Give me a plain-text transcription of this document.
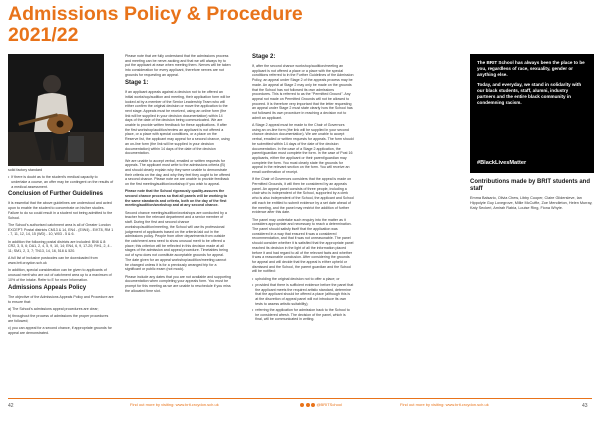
Admissions Policy & Procedure 2021/22

solid factory standard

• If there is doubt as to the student's medical capacity to undertake a course, an offer may be contingent on the results of a medical assessment.
Conclusion of Further Guidelines

It is essential that the above guidelines are understood and acted upon to enable the student to concentrate on his/her studies. Failure to do so could result in a student not being admitted to the School.

The School's authorised catchment area is all of Greater London EXCEPT: Postal districts CM13 & 14, EN4 - (E/W4) - E/KT8, RM 1 - 7, 11, 12, 14, 15 (WD) - 10, W03 - 5 & 6.

In addition the following postal districts are included: BN6 & 8: CR2, 3, 5, 6; DA1, 2, 4, 5, 9, 10, 14; EN4, 6, 9, 17-20; RH1, 2, 4 - 11; SM1, 2, 3, 7; TN13, 14, 16, 518 & 520.

A full list of inclusive postcodes can be downloaded from www.brit.croydon.sch.uk

In addition, special consideration can be given to applicants of unusual merit who are out of catchment area up to a maximum of 10% of the intake. Refer to E for more information.

Admissions Appeals Policy

The objective of the Admissions Appeals Policy and Procedure are to ensure that:

a) The School's admissions appeal procedures are clear;

b) throughout the process of admissions the proper procedures are followed;

c) you can appeal for a second chance, if appropriate grounds for appeal are demonstrated.

Please note that we fully understand that the admissions process and meeting can be nerve-racking and that we will always try to put the applicant at ease when meeting them. Nerves will be taken into consideration for every applicant, therefore nerves are not grounds for requesting an appeal.

Stage 1:

If an applicant appeals against a decision not to be offered an initial workshop/audition and meeting, their application form will be looked at by a member of the Senior Leadership Team who will either confirm the original decision or move the application to the next stage. Appeals must be received, using an online form (the link will be supplied in your decision documentation) within 14 days of the date of the decision being communicated. We are unable to provide written feedback for these applications. If after the first workshop/audition/review an applicant is not offered a place, or a place with special conditions, or a place on the Reserve list, the applicant may appeal for a second chance, using an on-line form (the link will be supplied in your decision documentation) within 14 days of the date of the decision documentation.

We are unable to accept verbal, emailed or written requests for appeals. The applicant must write to the admissions criteria (B) and should clearly explain why they were unable to demonstrate their criteria on the day, and why they feel they ought to be offered a second chance. Please note we are unable to provide feedback on the first meeting/audition/workshop if you wish to appeal.

Please note that the School rigorously quality-assures the second chance process so that all panels will be working to the same standards and criteria, both on the day of the first meeting/audition/workshop and at any second chance.

Second chance meeting/audition/workshops are conducted by a teacher from the relevant department and a senior member of staff. During the first and second chance workshop/audition/meeting, the School will use its professional judgement of applicants based on the criteria laid out in the admissions policy. People from other departments from outside the catchment area need to show unusual merit to be offered a place; this criterion will be reflected in this decision made at all stages of the admission and appeal procedure. Timetables being out of sync does not constitute acceptable grounds for appeal. The date given for an appeal workshop/audition/meeting cannot be changed unless it is for a previously arranged trip for a significant or public exam (not mock).

Please include any dates that you are not available and supporting documentation when completing your appeals form. You must be prompt for this meeting as we are unable to reschedule if you miss the allocated time slot.

Stage 2:

If, after the second chance workshop/audition/meeting an applicant is not offered a place or a place with the special conditions referred to in the Further Guidelines of the Admission Policy, an appeal under Stage 2 of the appeals process may be made. An appeal at Stage 2 may only be made on the grounds that the School has not followed its own admissions procedures. This is referred to as the "Permitted Ground". Any appeal not made on Permitted Grounds will not be allowed to proceed. It is therefore very important that the letter requesting an appeal under Stage 2 must state clearly how the School has not followed its own procedure in reaching a decision not to admit an applicant.

A Stage 2 appeal must be made to the Chair of Governors using an on-line form (the link will be supplied in your second chance decision documentation). We are unable to accept verbal, emailed or written requests for appeals. The form should be submitted within 14 days of the date of the decision documentation. In the case of a Stage 2 application, the parent/guardian must complete the form. In the case of Post 16 applicants, either the applicant or their parent/guardian may complete the form. You must clearly state the grounds for appeal in the relevant section on the form. You will receive an email confirmation of receipt.

If the Chair of Governors considers that the appeal is made on Permitted Grounds, it will then be considered by an appeals panel. An appeal panel consists of three people, including a chair who is independent of the School, supported by a clerk who is also independent of the School, the applicant and School will each be entitled to submit evidence by a set date ahead of the meeting, and the panel may restrict the addition of further evidence after this date.

The panel may undertake such enquiry into the matter as it considers appropriate and necessary to reach a determination. The panel should satisfy itself that the application was considered in a way that ensured it was a considered recommendation, and that it was not unreasonable. The panel should consider whether it is satisfied that the appropriate panel reached its decision in the light of all the information placed before it and had regard to all of the relevant facts and whether it was a reasonable conclusion. After considering the grounds for appeal and will decide that the appeal is either upheld or dismissed and the School, the parent guardian and the School will be notified:

• upholding the original decision not to offer a place; or
• provided that there is sufficient evidence before the panel that the applicant meets the required artistic standard, determine that the applicant should be offered a place (although this is at the discretion of appeal panel will not introduce its own tests to assess artistic suitability);
• referring the application for admission back to the School to be considered afresh. The decision of the panel, which is final, will be communicated in writing.

The BRIT School has always been the place to be you, regardless of race, sexuality, gender or anything else.

Today, and everyday, we stand in solidarity with our black students, staff, alumni, industry partners and the entire black community in condemning racism.

#BlackLivesMatter
Contributions made by BRIT students and staff
Emma Balsario, Olivia Chew, Libby Cooper, Claire Glidersleve, Ian Hippolyte Guy Lovegrove, Millie McCuffie, Zoe Mendleton, Helen Murray, Katy Seckeri, Amirah Rabia, Louise Ring, Fiona Whyte.
42	Find out more by visiting: www.brit.croydon.sch.uk	@BRITSchool	Find out more by visiting: www.brit.croydon.sch.uk	43
